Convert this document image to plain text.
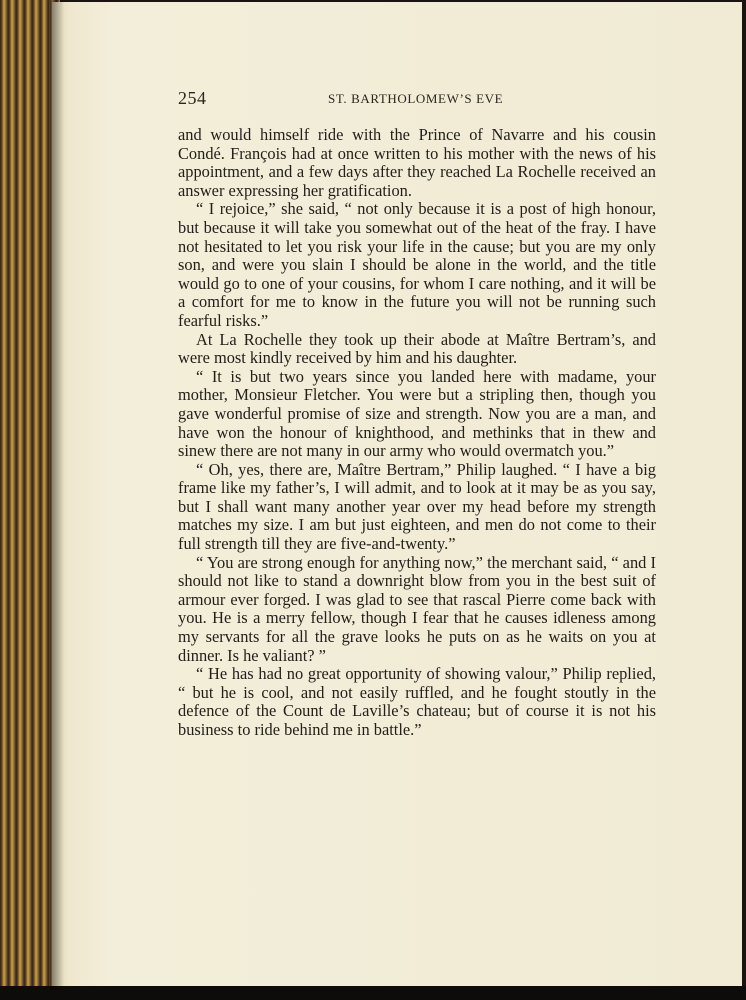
254	ST. BARTHOLOMEW’S EVE

and would himself ride with the Prince of Navarre and his cousin Condé. François had at once written to his mother with the news of his appointment, and a few days after they reached La Rochelle received an answer expressing her gratification.

“ I rejoice,” she said, “ not only because it is a post of high honour, but because it will take you somewhat out of the heat of the fray. I have not hesitated to let you risk your life in the cause; but you are my only son, and were you slain I should be alone in the world, and the title would go to one of your cousins, for whom I care nothing, and it will be a comfort for me to know in the future you will not be running such fearful risks.”

At La Rochelle they took up their abode at Maître Bertram’s, and were most kindly received by him and his daughter.

“ It is but two years since you landed here with madame, your mother, Monsieur Fletcher. You were but a stripling then, though you gave wonderful promise of size and strength. Now you are a man, and have won the honour of knighthood, and methinks that in thew and sinew there are not many in our army who would overmatch you.”

“ Oh, yes, there are, Maître Bertram,” Philip laughed. “ I have a big frame like my father’s, I will admit, and to look at it may be as you say, but I shall want many another year over my head before my strength matches my size. I am but just eighteen, and men do not come to their full strength till they are five-and-twenty.”

“ You are strong enough for anything now,” the merchant said, “ and I should not like to stand a downright blow from you in the best suit of armour ever forged. I was glad to see that rascal Pierre come back with you. He is a merry fellow, though I fear that he causes idleness among my servants for all the grave looks he puts on as he waits on you at dinner. Is he valiant? ”

“ He has had no great opportunity of showing valour,” Philip replied, “ but he is cool, and not easily ruffled, and he fought stoutly in the defence of the Count de Laville’s chateau; but of course it is not his business to ride behind me in battle.”
